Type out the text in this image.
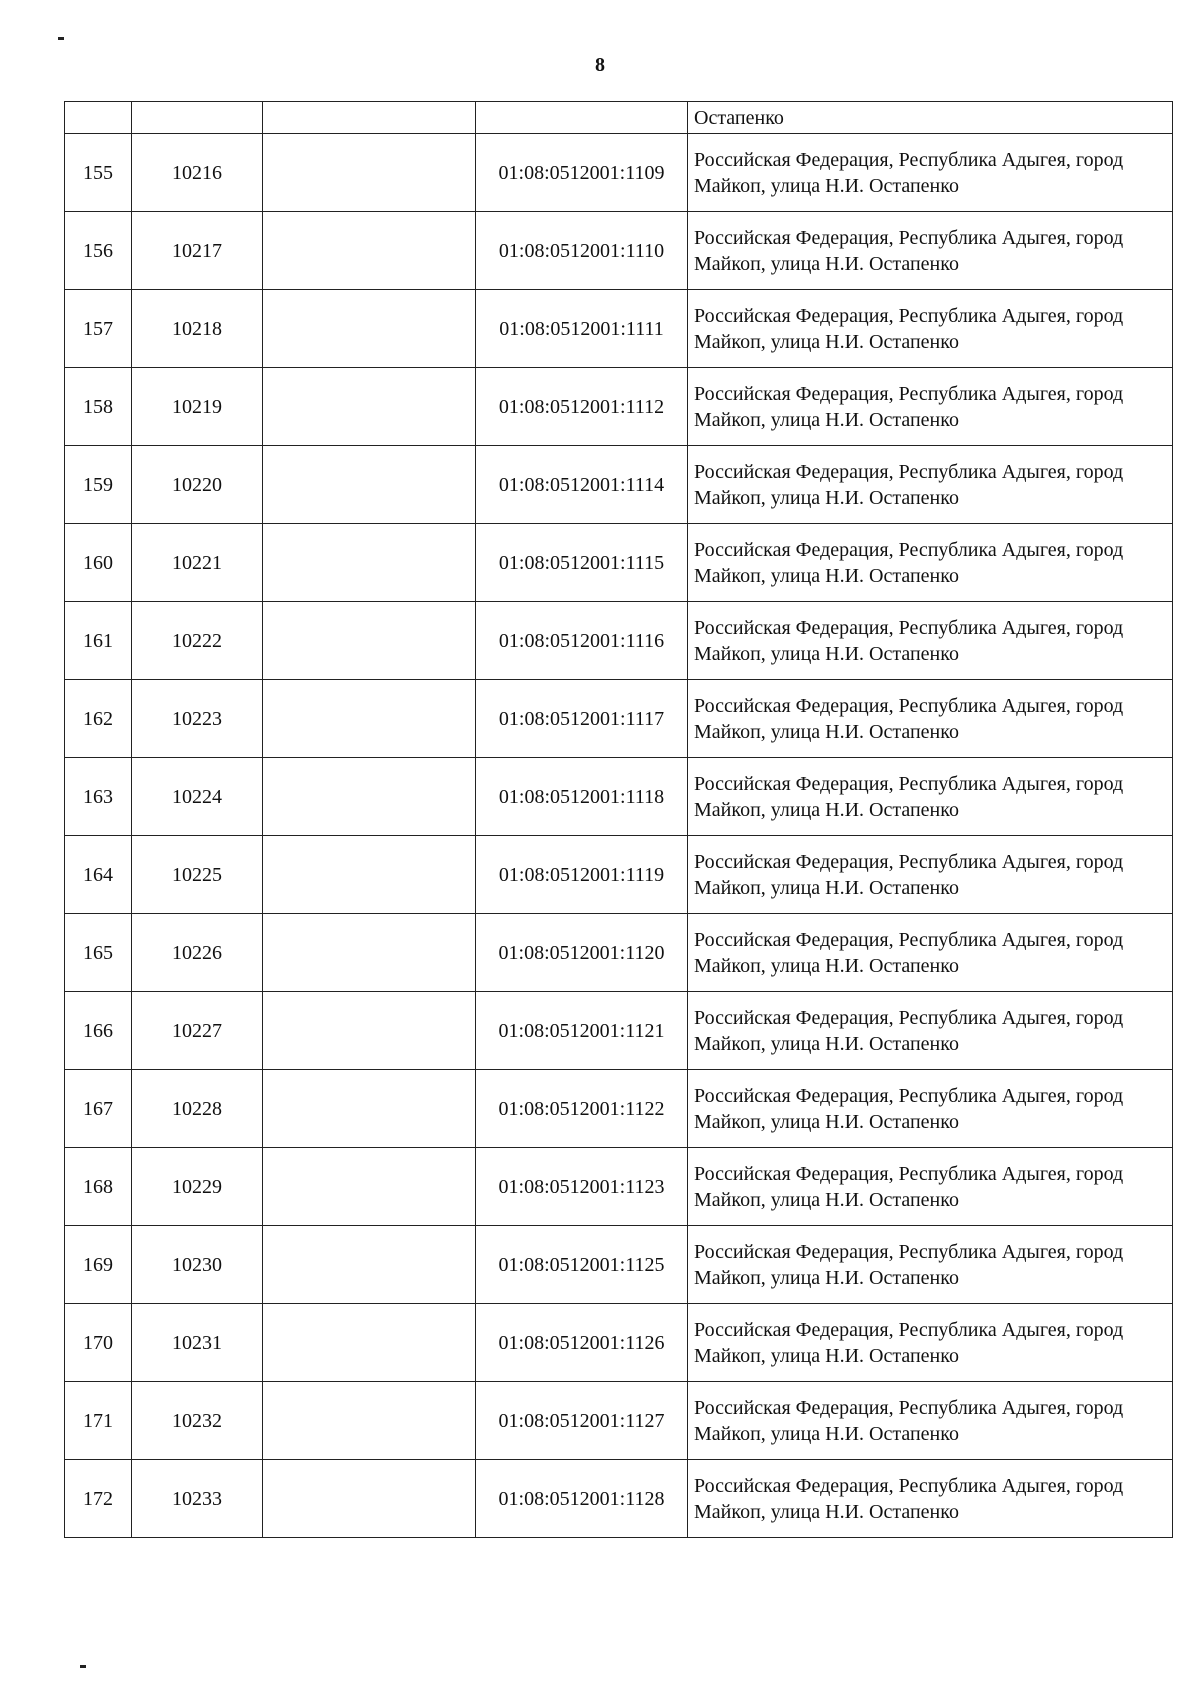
8
				Остапенко
155	10216		01:08:0512001:1109	Российская Федерация, Республика Адыгея, город Майкоп, улица Н.И. Остапенко
156	10217		01:08:0512001:1110	Российская Федерация, Республика Адыгея, город Майкоп, улица Н.И. Остапенко
157	10218		01:08:0512001:1111	Российская Федерация, Республика Адыгея, город Майкоп, улица Н.И. Остапенко
158	10219		01:08:0512001:1112	Российская Федерация, Республика Адыгея, город Майкоп, улица Н.И. Остапенко
159	10220		01:08:0512001:1114	Российская Федерация, Республика Адыгея, город Майкоп, улица Н.И. Остапенко
160	10221		01:08:0512001:1115	Российская Федерация, Республика Адыгея, город Майкоп, улица Н.И. Остапенко
161	10222		01:08:0512001:1116	Российская Федерация, Республика Адыгея, город Майкоп, улица Н.И. Остапенко
162	10223		01:08:0512001:1117	Российская Федерация, Республика Адыгея, город Майкоп, улица Н.И. Остапенко
163	10224		01:08:0512001:1118	Российская Федерация, Республика Адыгея, город Майкоп, улица Н.И. Остапенко
164	10225		01:08:0512001:1119	Российская Федерация, Республика Адыгея, город Майкоп, улица Н.И. Остапенко
165	10226		01:08:0512001:1120	Российская Федерация, Республика Адыгея, город Майкоп, улица Н.И. Остапенко
166	10227		01:08:0512001:1121	Российская Федерация, Республика Адыгея, город Майкоп, улица Н.И. Остапенко
167	10228		01:08:0512001:1122	Российская Федерация, Республика Адыгея, город Майкоп, улица Н.И. Остапенко
168	10229		01:08:0512001:1123	Российская Федерация, Республика Адыгея, город Майкоп, улица Н.И. Остапенко
169	10230		01:08:0512001:1125	Российская Федерация, Республика Адыгея, город Майкоп, улица Н.И. Остапенко
170	10231		01:08:0512001:1126	Российская Федерация, Республика Адыгея, город Майкоп, улица Н.И. Остапенко
171	10232		01:08:0512001:1127	Российская Федерация, Республика Адыгея, город Майкоп, улица Н.И. Остапенко
172	10233		01:08:0512001:1128	Российская Федерация, Республика Адыгея, город Майкоп, улица Н.И. Остапенко
